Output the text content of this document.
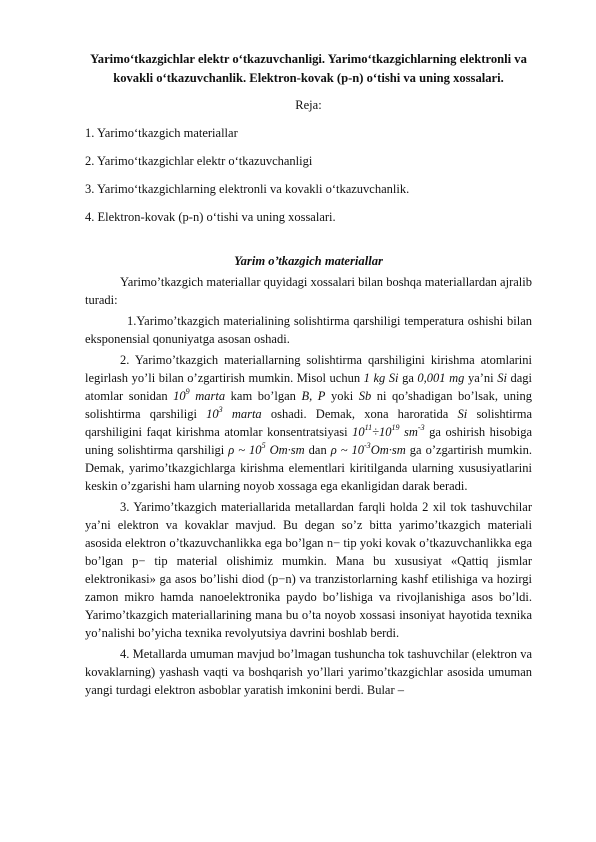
Yarimo‘tkazgichlar elektr o‘tkazuvchanligi. Yarimo‘tkazgichlarning elektronli va kovakli o‘tkazuvchanlik. Elektron-kovak (p-n) o‘tishi va uning xossalari.

Reja:

1. Yarimo‘tkazgich materiallar

2. Yarimo‘tkazgichlar elektr o‘tkazuvchanligi

3. Yarimo‘tkazgichlarning elektronli va kovakli o‘tkazuvchanlik.

4. Elektron-kovak (p-n) o‘tishi va uning xossalari.

Yarim o’tkazgich materiallar

Yarimo’tkazgich materiallar quyidagi xossalari bilan boshqa materiallardan ajralib turadi:

1.Yarimo’tkazgich materialining solishtirma qarshiligi temperatura oshishi bilan eksponensial qonuniyatga asosan oshadi.

2. Yarimo’tkazgich materiallarning solishtirma qarshiligini kirishma atomlarini legirlash yo’li bilan o’zgartirish mumkin. Misol uchun 1 kg Si ga 0,001 mg ya’ni Si dagi atomlar sonidan $10^9$ marta kam bo’lgan B, P yoki Sb ni qo’shadigan bo’lsak, uning solishtirma qarshiligi $10^3$ marta oshadi. Demak, xona haroratida Si solishtirma qarshiligini faqat kirishma atomlar konsentratsiyasi $10^{11}\div 10^{19}$ $sm^{-3}$ ga oshirish hisobiga uning solishtirma qarshiligi ρ ~ $10^5$ Om·sm dan ρ ~ $10^{-3}Om\cdot sm$ ga o’zgartirish mumkin. Demak, yarimo’tkazgichlarga kirishma elementlari kiritilganda ularning xususiyatlarini keskin o’zgarishi ham ularning noyob xossaga ega ekanligidan darak beradi.

3. Yarimo’tkazgich materiallarida metallardan farqli holda 2 xil tok tashuvchilar ya’ni elektron va kovaklar mavjud. Bu degan so’z bitta yarimo’tkazgich materiali asosida elektron o’tkazuvchanlikka ega bo’lgan n− tip yoki kovak o’tkazuvchanlikka ega bo’lgan p− tip material olishimiz mumkin. Mana bu xususiyat «Qattiq jismlar elektronikasi» ga asos bo’lishi diod (p−n) va tranzistorlarning kashf etilishiga va hozirgi zamon mikro hamda nanoelektronika paydo bo’lishiga va rivojlanishiga asos bo’ldi. Yarimo’tkazgich materiallarining mana bu o’ta noyob xossasi insoniyat hayotida texnika yo’nalishi bo’yicha texnika revolyutsiya davrini boshlab berdi.

4. Metallarda umuman mavjud bo’lmagan tushuncha tok tashuvchilar (elektron va kovaklarning) yashash vaqti va boshqarish yo’llari yarimo’tkazgichlar asosida umuman yangi turdagi elektron asboblar yaratish imkonini berdi. Bular –
